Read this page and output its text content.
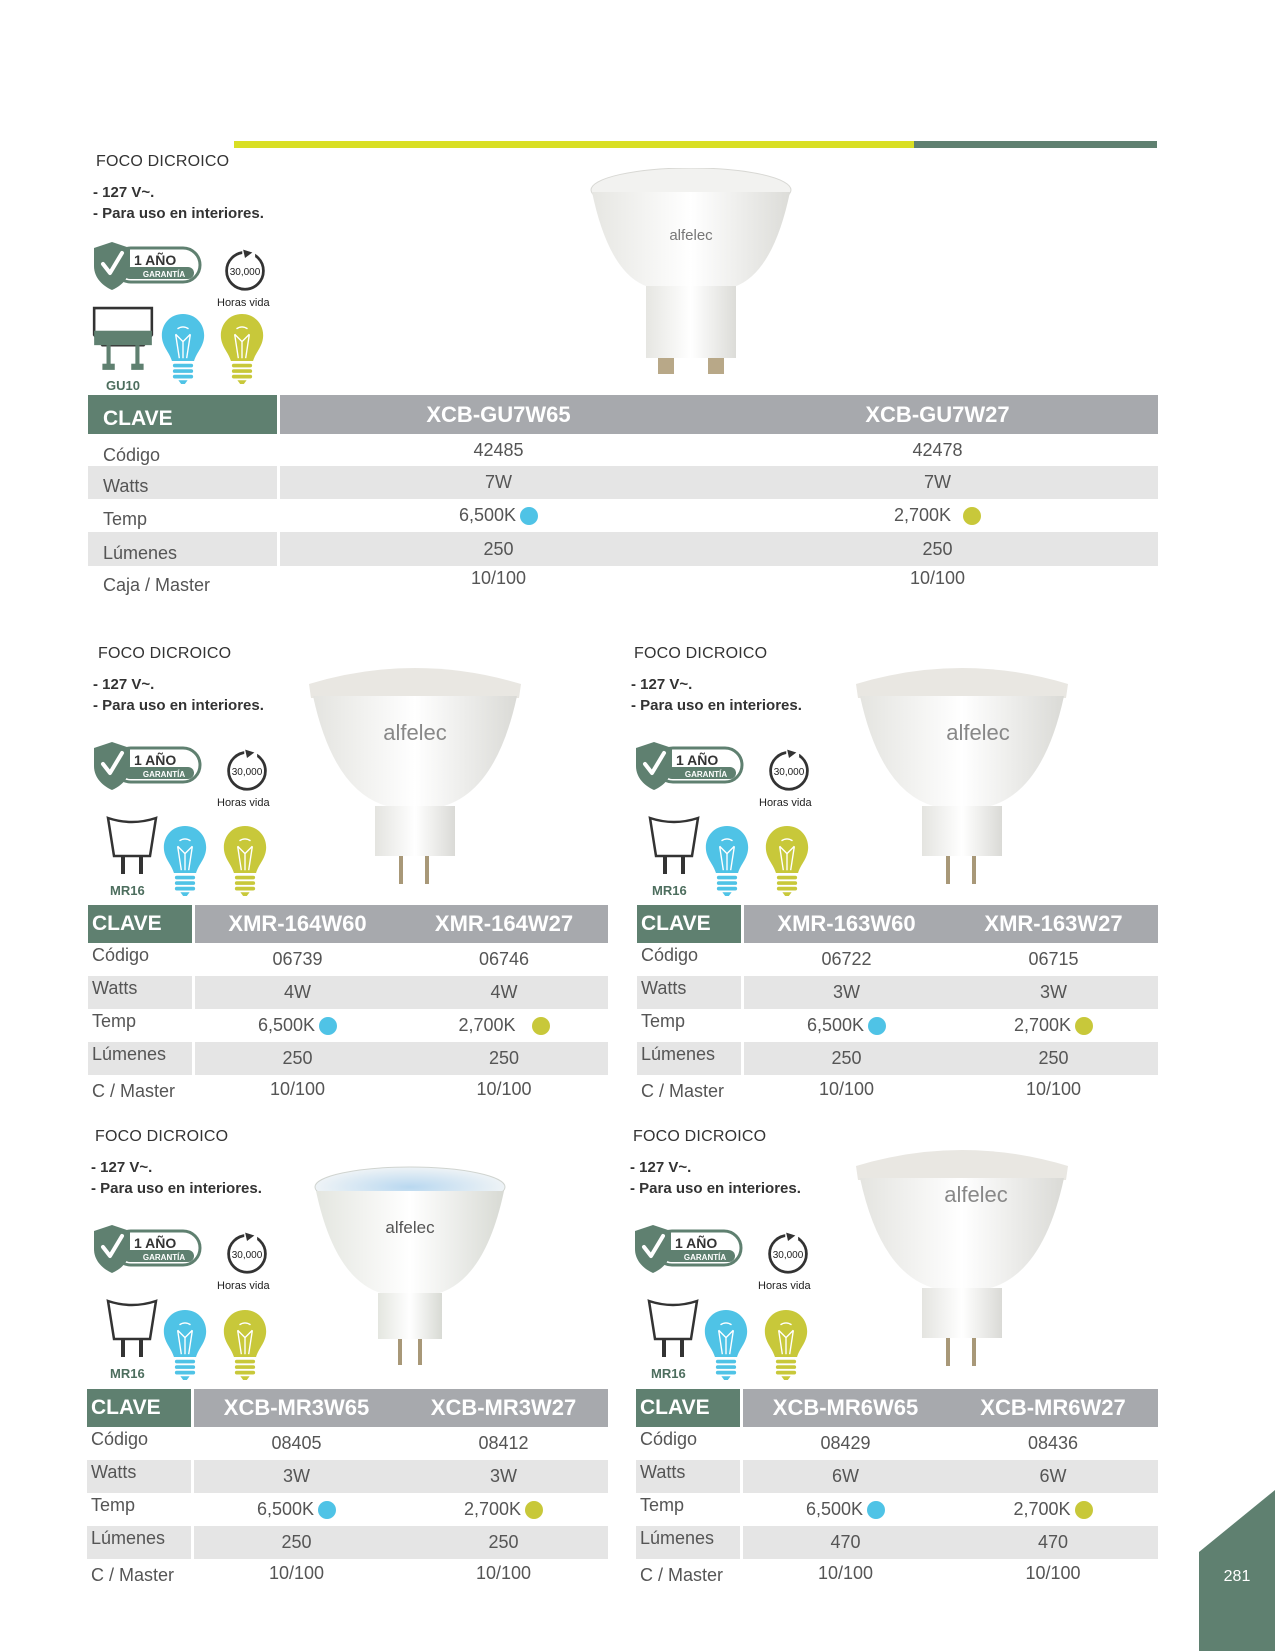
FOCO DICROICO
- 127 V~.
- Para uso en interiores.
1 AÑO
GARANTÍA	30,000
Horas vida
GU10
alfelec
CLAVE	XCB-GU7W65	XCB-GU7W27
Código	42485	42478
Watts	7W	7W
Temp	6,500K	2,700K
Lúmenes	250	250
Caja / Master	10/100	10/100
FOCO DICROICO
- 127 V~.
- Para uso en interiores.
1 AÑO
GARANTÍA	30,000
Horas vida
MR16
alfelec
CLAVE	XMR-164W60	XMR-164W27
Código	06739	06746
Watts	4W	4W
Temp	6,500K	2,700K
Lúmenes	250	250
C / Master	10/100	10/100
FOCO DICROICO
- 127 V~.
- Para uso en interiores.
1 AÑO
GARANTÍA	30,000
Horas vida
MR16
alfelec
CLAVE	XMR-163W60	XMR-163W27
Código	06722	06715
Watts	3W	3W
Temp	6,500K	2,700K
Lúmenes	250	250
C / Master	10/100	10/100
FOCO DICROICO
- 127 V~.
- Para uso en interiores.
1 AÑO
GARANTÍA	30,000
Horas vida
MR16
alfelec
CLAVE	XCB-MR3W65	XCB-MR3W27
Código	08405	08412
Watts	3W	3W
Temp	6,500K	2,700K
Lúmenes	250	250
C / Master	10/100	10/100
FOCO DICROICO
- 127 V~.
- Para uso en interiores.
1 AÑO
GARANTÍA	30,000
Horas vida
MR16
alfelec
CLAVE	XCB-MR6W65	XCB-MR6W27
Código	08429	08436
Watts	6W	6W
Temp	6,500K	2,700K
Lúmenes	470	470
C / Master	10/100	10/100	281
